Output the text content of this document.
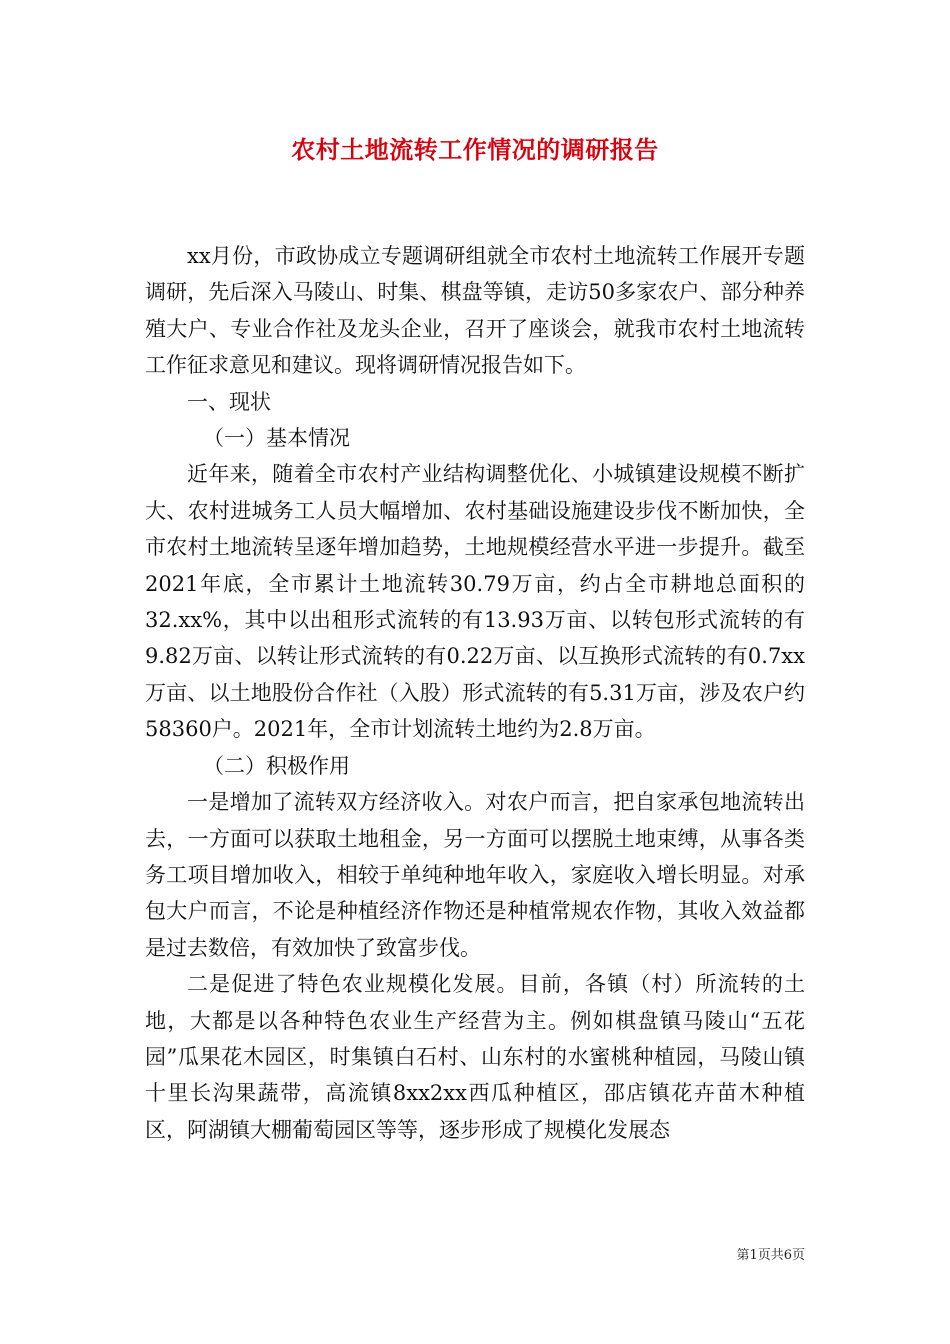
农村土地流转工作情况的调研报告

xx月份，市政协成立专题调研组就全市农村土地流转工作展开专题调研，先后深入马陵山、时集、棋盘等镇，走访50多家农户、部分种养殖大户、专业合作社及龙头企业，召开了座谈会，就我市农村土地流转工作征求意见和建议。现将调研情况报告如下。

一、现状

（一）基本情况

近年来，随着全市农村产业结构调整优化、小城镇建设规模不断扩大、农村进城务工人员大幅增加、农村基础设施建设步伐不断加快，全市农村土地流转呈逐年增加趋势，土地规模经营水平进一步提升。截至2021年底，全市累计土地流转30.79万亩，约占全市耕地总面积的32.xx%，其中以出租形式流转的有13.93万亩、以转包形式流转的有9.82万亩、以转让形式流转的有0.22万亩、以互换形式流转的有0.7xx万亩、以土地股份合作社（入股）形式流转的有5.31万亩，涉及农户约58360户。2021年，全市计划流转土地约为2.8万亩。

（二）积极作用

一是增加了流转双方经济收入。对农户而言，把自家承包地流转出去，一方面可以获取土地租金，另一方面可以摆脱土地束缚，从事各类务工项目增加收入，相较于单纯种地年收入，家庭收入增长明显。对承包大户而言，不论是种植经济作物还是种植常规农作物，其收入效益都是过去数倍，有效加快了致富步伐。

二是促进了特色农业规模化发展。目前，各镇（村）所流转的土地，大都是以各种特色农业生产经营为主。例如棋盘镇马陵山“五花园”瓜果花木园区，时集镇白石村、山东村的水蜜桃种植园，马陵山镇十里长沟果蔬带，高流镇8xx2xx西瓜种植区，邵店镇花卉苗木种植区，阿湖镇大棚葡萄园区等等，逐步形成了规模化发展态

第1页共6页
